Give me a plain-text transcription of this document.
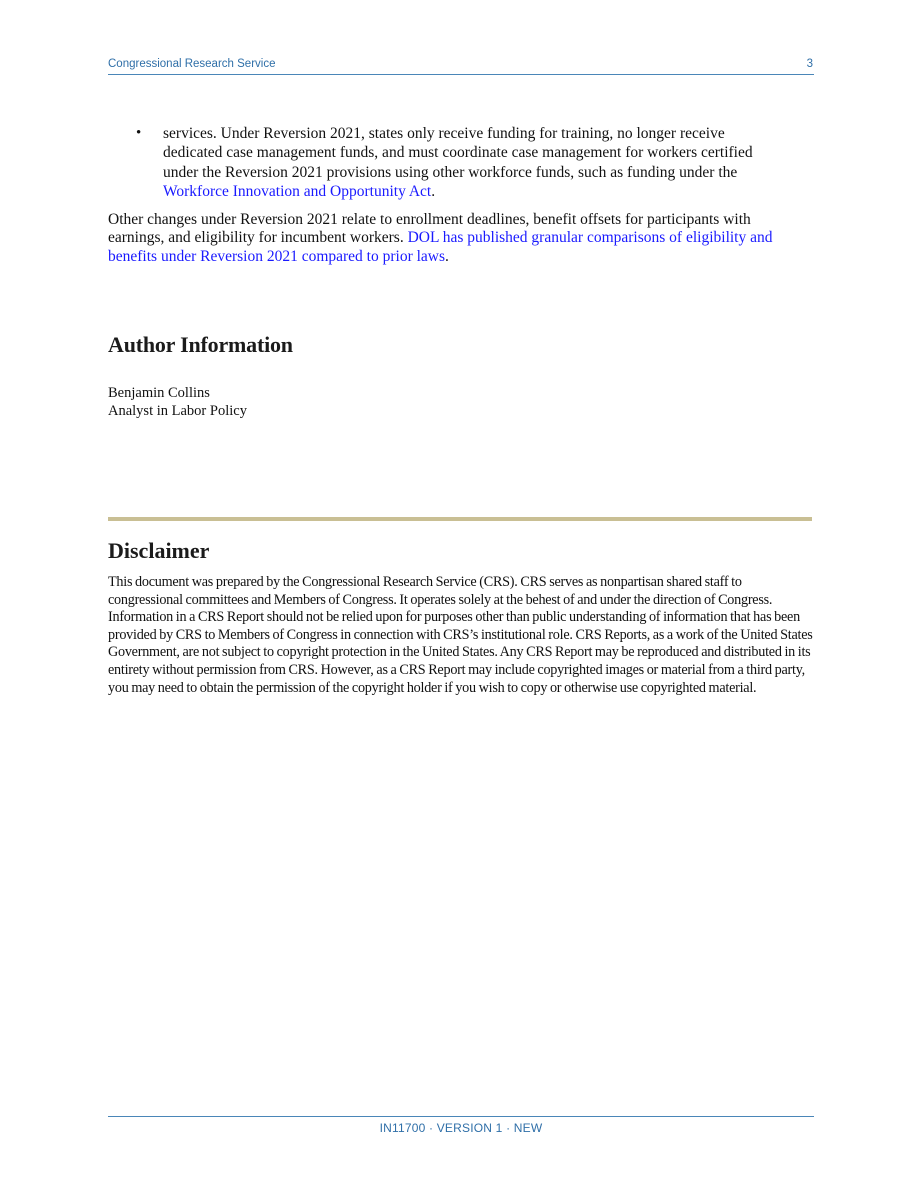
Congressional Research Service	3
• services. Under Reversion 2021, states only receive funding for training, no longer receive dedicated case management funds, and must coordinate case management for workers certified under the Reversion 2021 provisions using other workforce funds, such as funding under the Workforce Innovation and Opportunity Act.

Other changes under Reversion 2021 relate to enrollment deadlines, benefit offsets for participants with earnings, and eligibility for incumbent workers. DOL has published granular comparisons of eligibility and benefits under Reversion 2021 compared to prior laws.

Author Information
Benjamin Collins
Analyst in Labor Policy
Disclaimer
This document was prepared by the Congressional Research Service (CRS). CRS serves as nonpartisan shared staff to congressional committees and Members of Congress. It operates solely at the behest of and under the direction of Congress. Information in a CRS Report should not be relied upon for purposes other than public understanding of information that has been provided by CRS to Members of Congress in connection with CRS’s institutional role. CRS Reports, as a work of the United States Government, are not subject to copyright protection in the United States. Any CRS Report may be reproduced and distributed in its entirety without permission from CRS. However, as a CRS Report may include copyrighted images or material from a third party, you may need to obtain the permission of the copyright holder if you wish to copy or otherwise use copyrighted material.
IN11700 · VERSION 1 · NEW
